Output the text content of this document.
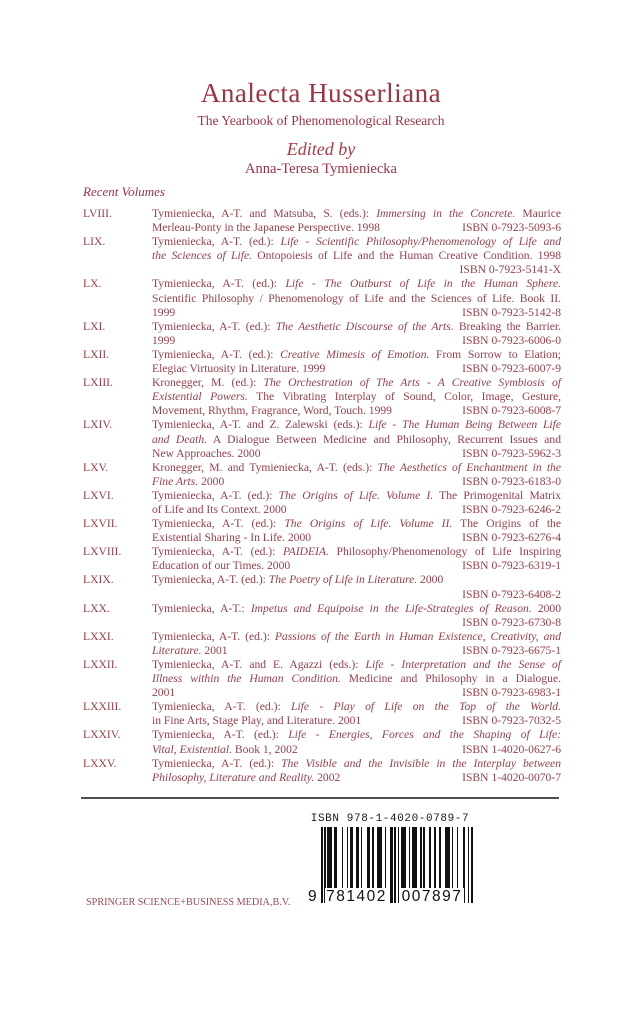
Analecta Husserliana
The Yearbook of Phenomenological Research
Edited by
Anna-Teresa Tymieniecka
Recent Volumes
LVIII.	Tymieniecka, A-T. and Matsuba, S. (eds.): Immersing in the Concrete. Maurice
Merleau-Ponty in the Japanese Perspective. 1998	ISBN 0-7923-5093-6
LIX.	Tymieniecka, A-T. (ed.): Life - Scientific Philosophy/Phenomenology of Life and
the Sciences of Life. Ontopoiesis of Life and the Human Creative Condition. 1998
ISBN 0-7923-5141-X
LX.	Tymieniecka, A-T. (ed.): Life - The Outburst of Life in the Human Sphere.
Scientific Philosophy / Phenomenology of Life and the Sciences of Life. Book II.
1999	ISBN 0-7923-5142-8
LXI.	Tymieniecka, A-T. (ed.): The Aesthetic Discourse of the Arts. Breaking the Barrier.
1999	ISBN 0-7923-6006-0
LXII.	Tymieniecka, A-T. (ed.): Creative Mimesis of Emotion. From Sorrow to Elation;
Elegiac Virtuosity in Literature. 1999	ISBN 0-7923-6007-9
LXIII.	Kronegger, M. (ed.): The Orchestration of The Arts - A Creative Symbiosis of
Existential Powers. The Vibrating Interplay of Sound, Color, Image, Gesture,
Movement, Rhythm, Fragrance, Word, Touch. 1999	ISBN 0-7923-6008-7
LXIV.	Tymieniecka, A-T. and Z. Zalewski (eds.): Life - The Human Being Between Life
and Death. A Dialogue Between Medicine and Philosophy, Recurrent Issues and
New Approaches. 2000	ISBN 0-7923-5962-3
LXV.	Kronegger, M. and Tymieniecka, A-T. (eds.): The Aesthetics of Enchantment in the
Fine Arts. 2000	ISBN 0-7923-6183-0
LXVI.	Tymieniecka, A-T. (ed.): The Origins of Life. Volume I. The Primogenital Matrix
of Life and Its Context. 2000	ISBN 0-7923-6246-2
LXVII.	Tymieniecka, A-T. (ed.): The Origins of Life. Volume II. The Origins of the
Existential Sharing - In Life. 2000	ISBN 0-7923-6276-4
LXVIII.	Tymieniecka, A-T. (ed.): PAIDEIA. Philosophy/Phenomenology of Life Inspiring
Education of our Times. 2000	ISBN 0-7923-6319-1
LXIX.	Tymieniecka, A-T. (ed.): The Poetry of Life in Literature. 2000
ISBN 0-7923-6408-2
LXX.	Tymieniecka, A-T.: Impetus and Equipoise in the Life-Strategies of Reason. 2000
ISBN 0-7923-6730-8
LXXI.	Tymieniecka, A-T. (ed.): Passions of the Earth in Human Existence, Creativity, and
Literature. 2001	ISBN 0-7923-6675-1
LXXII.	Tymieniecka, A-T. and E. Agazzi (eds.): Life - Interpretation and the Sense of
Illness within the Human Condition. Medicine and Philosophy in a Dialogue.
2001	ISBN 0-7923-6983-1
LXXIII.	Tymieniecka, A-T. (ed.): Life - Play of Life on the Top of the World.
in Fine Arts, Stage Play, and Literature. 2001	ISBN 0-7923-7032-5
LXXIV.	Tymieniecka, A-T. (ed.): Life - Energies, Forces and the Shaping of Life:
Vital, Existential. Book 1, 2002	ISBN 1-4020-0627-6
LXXV.	Tymieniecka, A-T. (ed.): The Visible and the Invisible in the Interplay between
Philosophy, Literature and Reality. 2002	ISBN 1-4020-0070-7
SPRINGER SCIENCE+BUSINESS MEDIA,B.V.
ISBN 978-1-4020-0789-7
9 781402 007897
